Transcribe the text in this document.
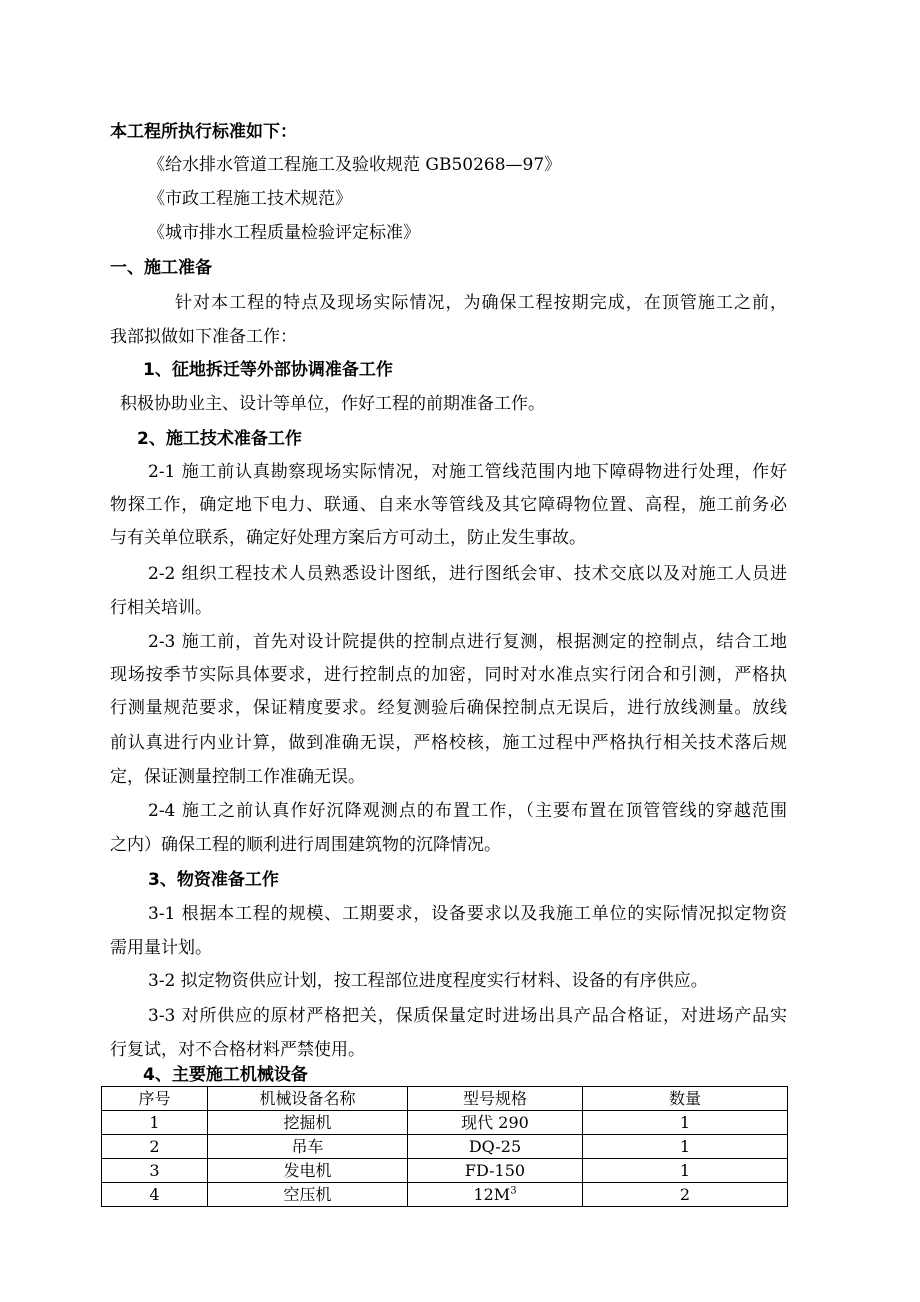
本工程所执行标准如下：
《给水排水管道工程施工及验收规范 GB50268—97》
《市政工程施工技术规范》
《城市排水工程质量检验评定标准》
一、施工准备
针对本工程的特点及现场实际情况，为确保工程按期完成，在顶管施工之前，
我部拟做如下准备工作：
1、征地拆迁等外部协调准备工作
积极协助业主、设计等单位，作好工程的前期准备工作。
2、施工技术准备工作
2-1 施工前认真勘察现场实际情况，对施工管线范围内地下障碍物进行处理，作好
物探工作，确定地下电力、联通、自来水等管线及其它障碍物位置、高程，施工前务必
与有关单位联系，确定好处理方案后方可动土，防止发生事故。
2-2 组织工程技术人员熟悉设计图纸，进行图纸会审、技术交底以及对施工人员进
行相关培训。
2-3 施工前，首先对设计院提供的控制点进行复测，根据测定的控制点，结合工地
现场按季节实际具体要求，进行控制点的加密，同时对水准点实行闭合和引测，严格执
行测量规范要求，保证精度要求。经复测验后确保控制点无误后，进行放线测量。放线
前认真进行内业计算，做到准确无误，严格校核，施工过程中严格执行相关技术落后规
定，保证测量控制工作准确无误。
2-4 施工之前认真作好沉降观测点的布置工作，（主要布置在顶管管线的穿越范围
之内）确保工程的顺利进行周围建筑物的沉降情况。
3、物资准备工作
3-1 根据本工程的规模、工期要求，设备要求以及我施工单位的实际情况拟定物资
需用量计划。
3-2 拟定物资供应计划，按工程部位进度程度实行材料、设备的有序供应。
3-3 对所供应的原材严格把关，保质保量定时进场出具产品合格证，对进场产品实
行复试，对不合格材料严禁使用。
4、主要施工机械设备
序号	机械设备名称	型号规格	数量
1	挖掘机	现代 290	1
2	吊车	DQ-25	1
3	发电机	FD-150	1
4	空压机	$12M^3$	2
